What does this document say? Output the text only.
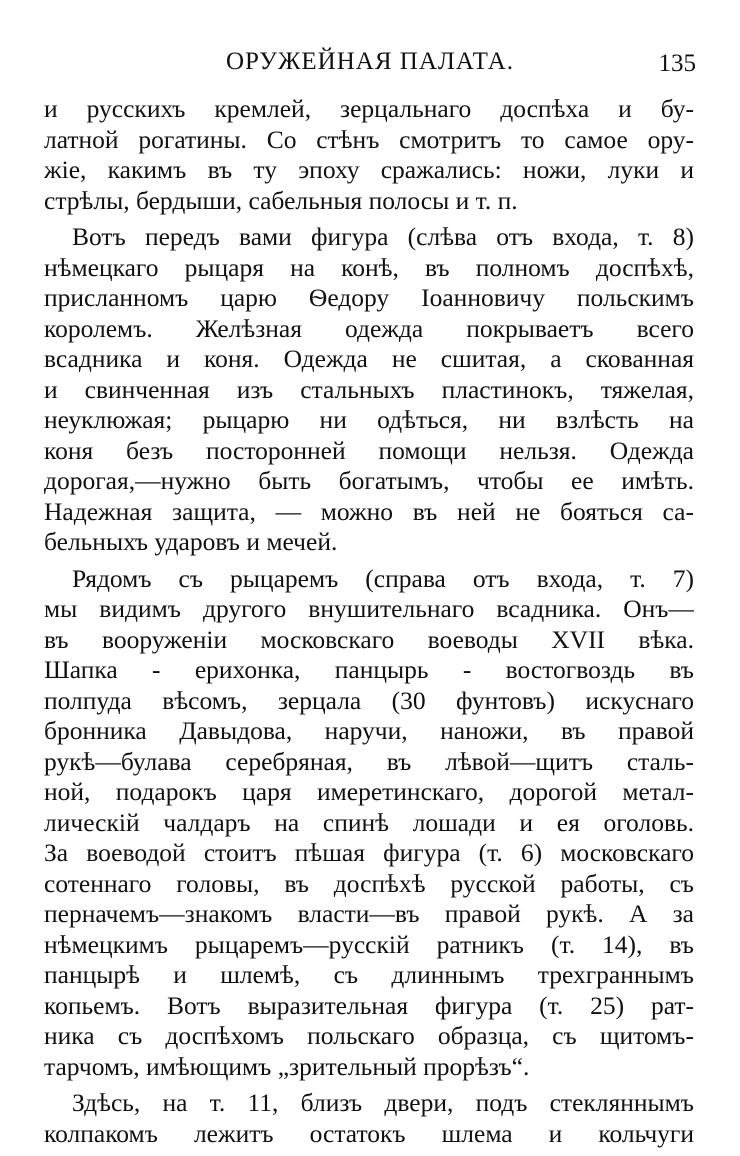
ОРУЖЕЙНАЯ ПАЛАТА.	135
и русскихъ кремлей, зерцальнаго доспѣха и бу-
латной рогатины. Со стѣнъ смотритъ то самое ору-
жіе, какимъ въ ту эпоху сражались: ножи, луки и
стрѣлы, бердыши, сабельныя полосы и т. п.
Вотъ передъ вами фигура (слѣва отъ входа, т. 8)
нѣмецкаго рыцаря на конѣ, въ полномъ доспѣхѣ,
присланномъ царю Ѳедору Іоанновичу польскимъ
королемъ. Желѣзная одежда покрываетъ всего
всадника и коня. Одежда не сшитая, а скованная
и свинченная изъ стальныхъ пластинокъ, тяжелая,
неуклюжая; рыцарю ни одѣться, ни взлѣсть на
коня безъ посторонней помощи нельзя. Одежда
дорогая,—нужно быть богатымъ, чтобы ее имѣть.
Надежная защита, — можно въ ней не бояться са-
бельныхъ ударовъ и мечей.
Рядомъ съ рыцаремъ (справа отъ входа, т. 7)
мы видимъ другого внушительнаго всадника. Онъ—
въ вооруженіи московскаго воеводы XVII вѣка.
Шапка - ерихонка, панцырь - востогвоздь въ
полпуда вѣсомъ, зерцала (30 фунтовъ) искуснаго
бронника Давыдова, наручи, наножи, въ правой
рукѣ—булава серебряная, въ лѣвой—щитъ сталь-
ной, подарокъ царя имеретинскаго, дорогой метал-
лическій чалдаръ на спинѣ лошади и ея оголовь.
За воеводой стоитъ пѣшая фигура (т. 6) московскаго
сотеннаго головы, въ доспѣхѣ русской работы, съ
перначемъ—знакомъ власти—въ правой рукѣ. А за
нѣмецкимъ рыцаремъ—русскій ратникъ (т. 14), въ
панцырѣ и шлемѣ, съ длиннымъ трехграннымъ
копьемъ. Вотъ выразительная фигура (т. 25) рат-
ника съ доспѣхомъ польскаго образца, съ щитомъ-
тарчомъ, имѣющимъ „зрительный прорѣзъ“.
Здѣсь, на т. 11, близъ двери, подъ стекляннымъ
колпакомъ лежитъ остатокъ шлема и кольчуги
